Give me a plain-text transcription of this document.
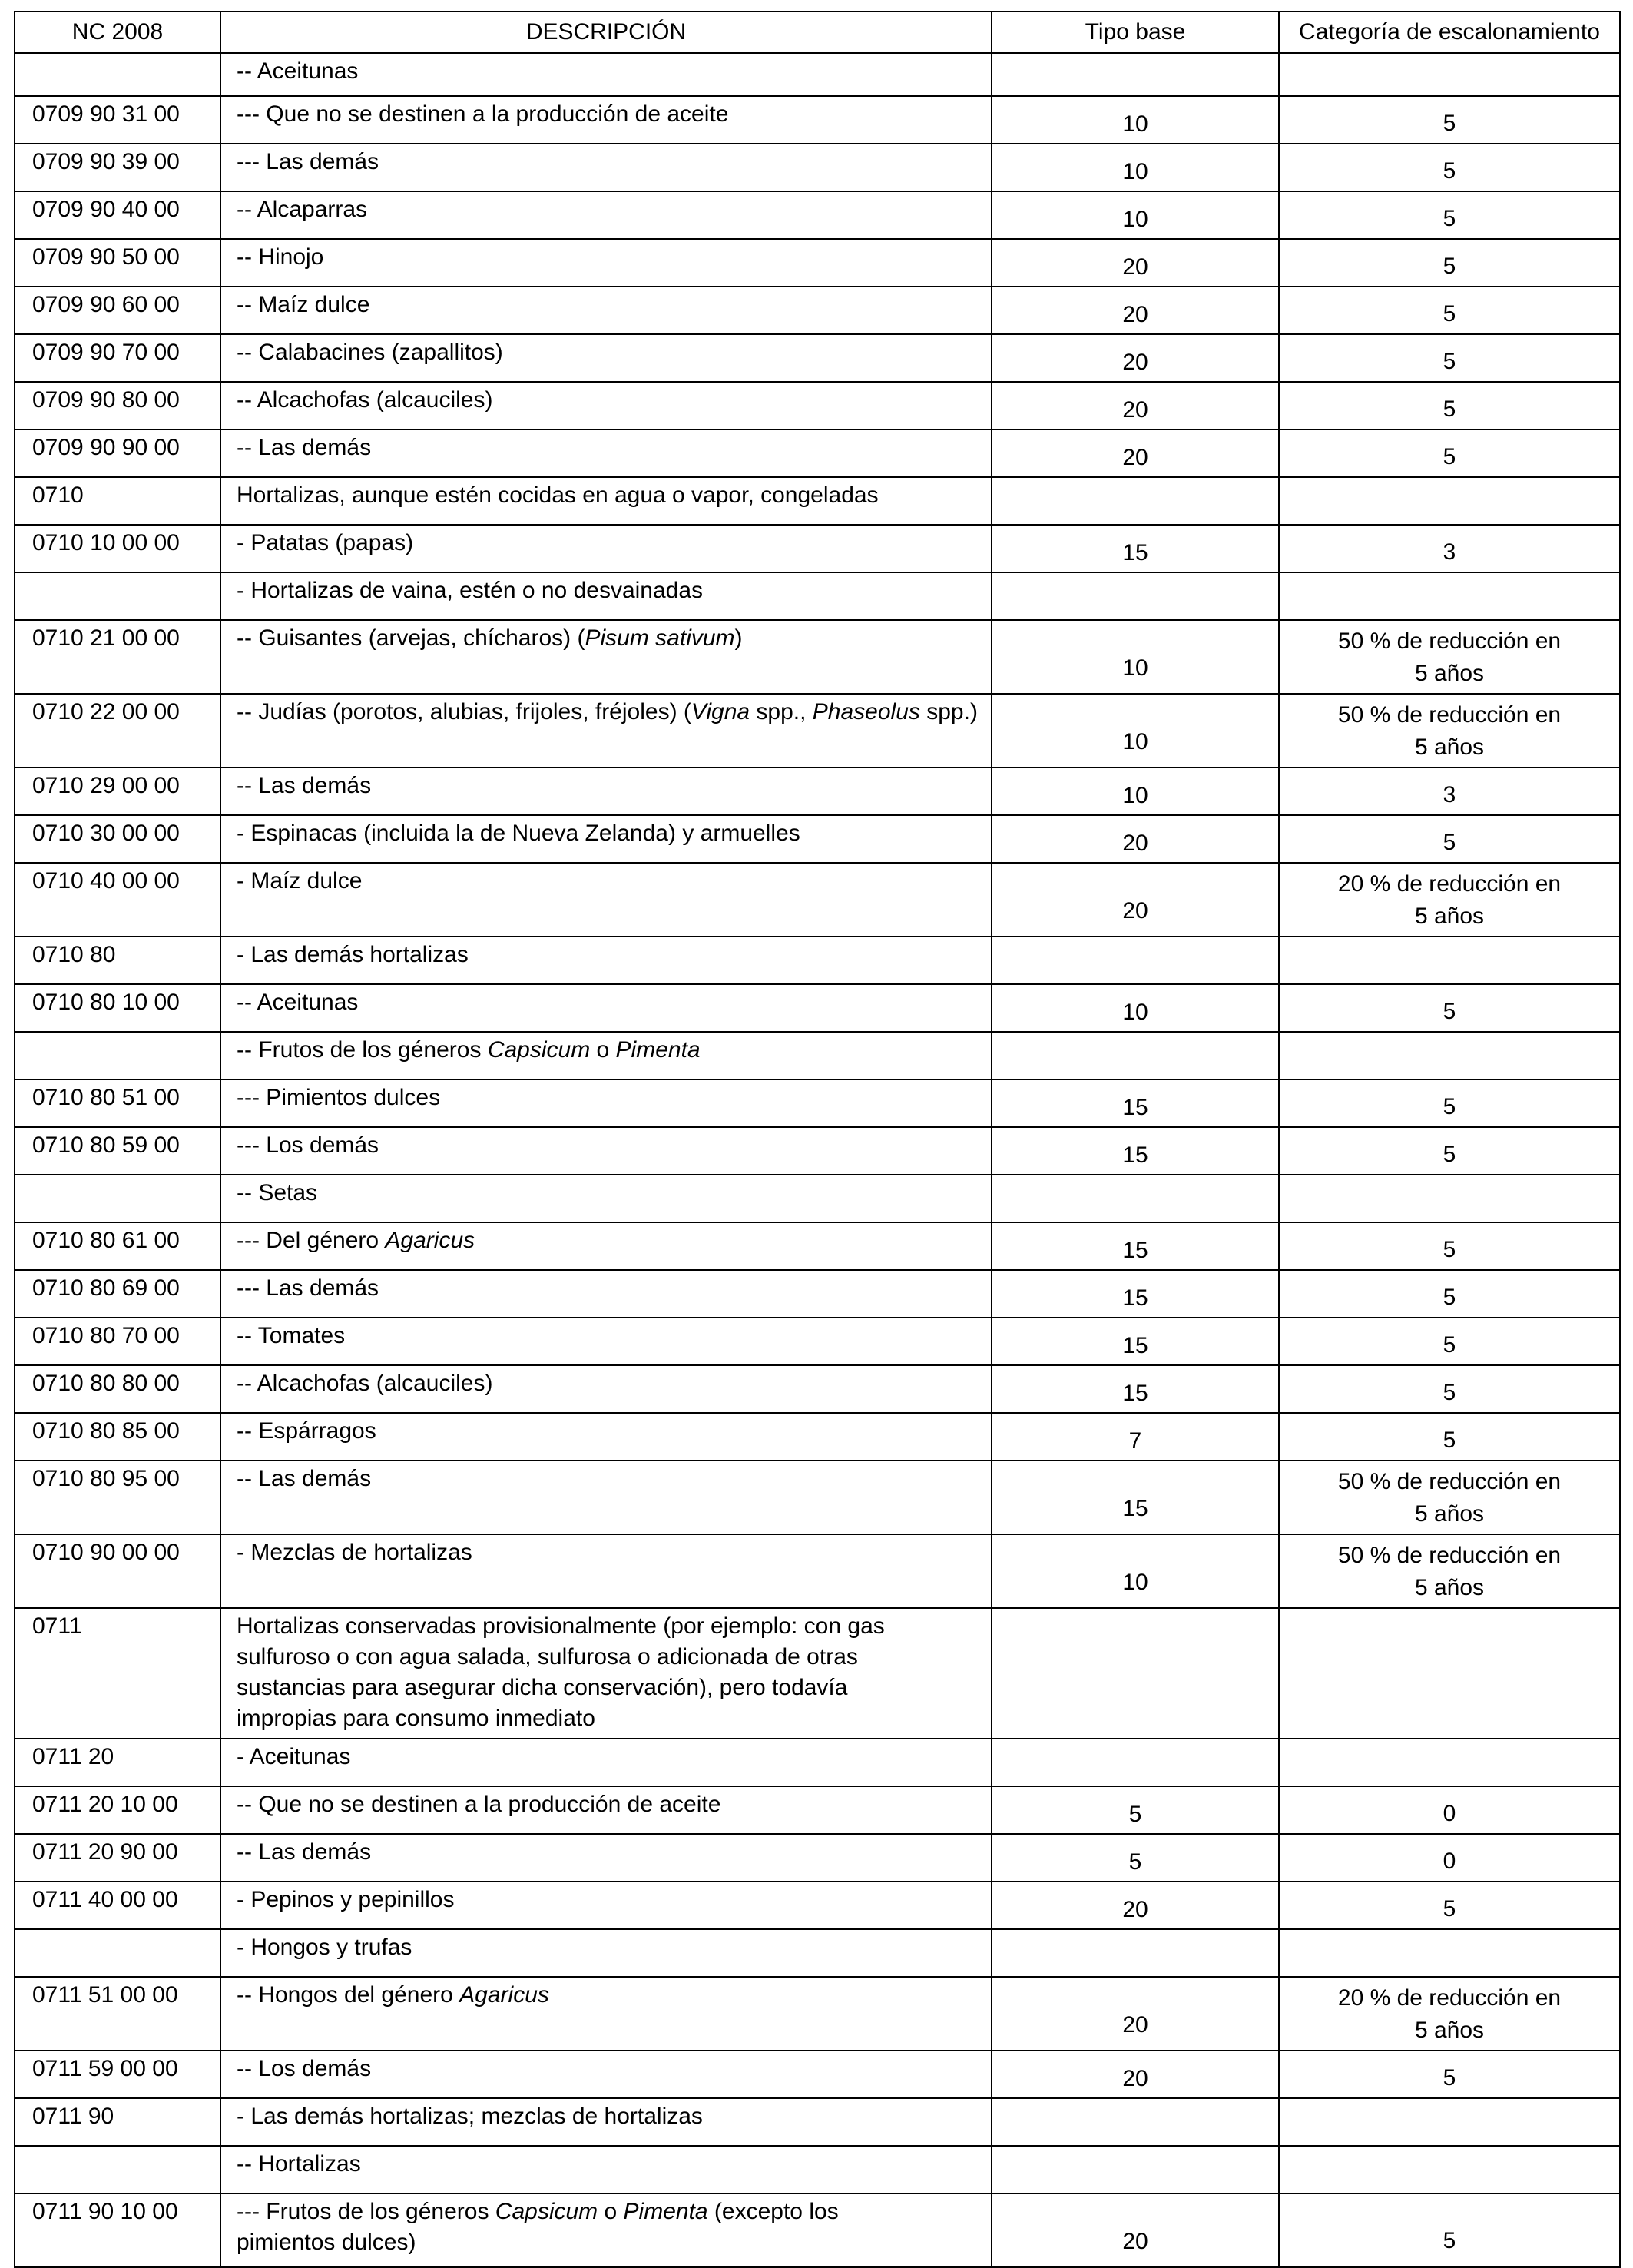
NC 2008	DESCRIPCIÓN	Tipo base	Categoría de escalonamiento
	-- Aceitunas		
0709 90 31 00	--- Que no se destinen a la producción de aceite	10	5
0709 90 39 00	--- Las demás	10	5
0709 90 40 00	-- Alcaparras	10	5
0709 90 50 00	-- Hinojo	20	5
0709 90 60 00	-- Maíz dulce	20	5
0709 90 70 00	-- Calabacines (zapallitos)	20	5
0709 90 80 00	-- Alcachofas (alcauciles)	20	5
0709 90 90 00	-- Las demás	20	5
0710	Hortalizas, aunque estén cocidas en agua o vapor, congeladas		
0710 10 00 00	- Patatas (papas)	15	3
	- Hortalizas de vaina, estén o no desvainadas		
0710 21 00 00	-- Guisantes (arvejas, chícharos) (Pisum sativum)	10	50 % de reducción en
5 años

0710 22 00 00	-- Judías (porotos, alubias, frijoles, fréjoles) (Vigna spp., Phaseolus spp.)	10	50 % de reducción en
5 años

0710 29 00 00	-- Las demás	10	3
0710 30 00 00	- Espinacas (incluida la de Nueva Zelanda) y armuelles	20	5
0710 40 00 00	- Maíz dulce	20	20 % de reducción en
5 años

0710 80	- Las demás hortalizas		
0710 80 10 00	-- Aceitunas	10	5
	-- Frutos de los géneros Capsicum o Pimenta		
0710 80 51 00	--- Pimientos dulces	15	5
0710 80 59 00	--- Los demás	15	5
	-- Setas		
0710 80 61 00	--- Del género Agaricus	15	5
0710 80 69 00	--- Las demás	15	5
0710 80 70 00	-- Tomates	15	5
0710 80 80 00	-- Alcachofas (alcauciles)	15	5
0710 80 85 00	-- Espárragos	7	5
0710 80 95 00	-- Las demás	15	50 % de reducción en
5 años

0710 90 00 00	- Mezclas de hortalizas	10	50 % de reducción en
5 años

0711	Hortalizas conservadas provisionalmente (por ejemplo: con gas
sulfuroso o con agua salada, sulfurosa o adicionada de otras
sustancias para asegurar dicha conservación), pero todavía
impropias para consumo inmediato		

0711 20	- Aceitunas		
0711 20 10 00	-- Que no se destinen a la producción de aceite	5	0
0711 20 90 00	-- Las demás	5	0
0711 40 00 00	- Pepinos y pepinillos	20	5
	- Hongos y trufas		
0711 51 00 00	-- Hongos del género Agaricus	20	20 % de reducción en
5 años

0711 59 00 00	-- Los demás	20	5
0711 90	- Las demás hortalizas; mezclas de hortalizas		
	-- Hortalizas		
0711 90 10 00	--- Frutos de los géneros Capsicum o Pimenta (excepto los
pimientos dulces)	20	5
